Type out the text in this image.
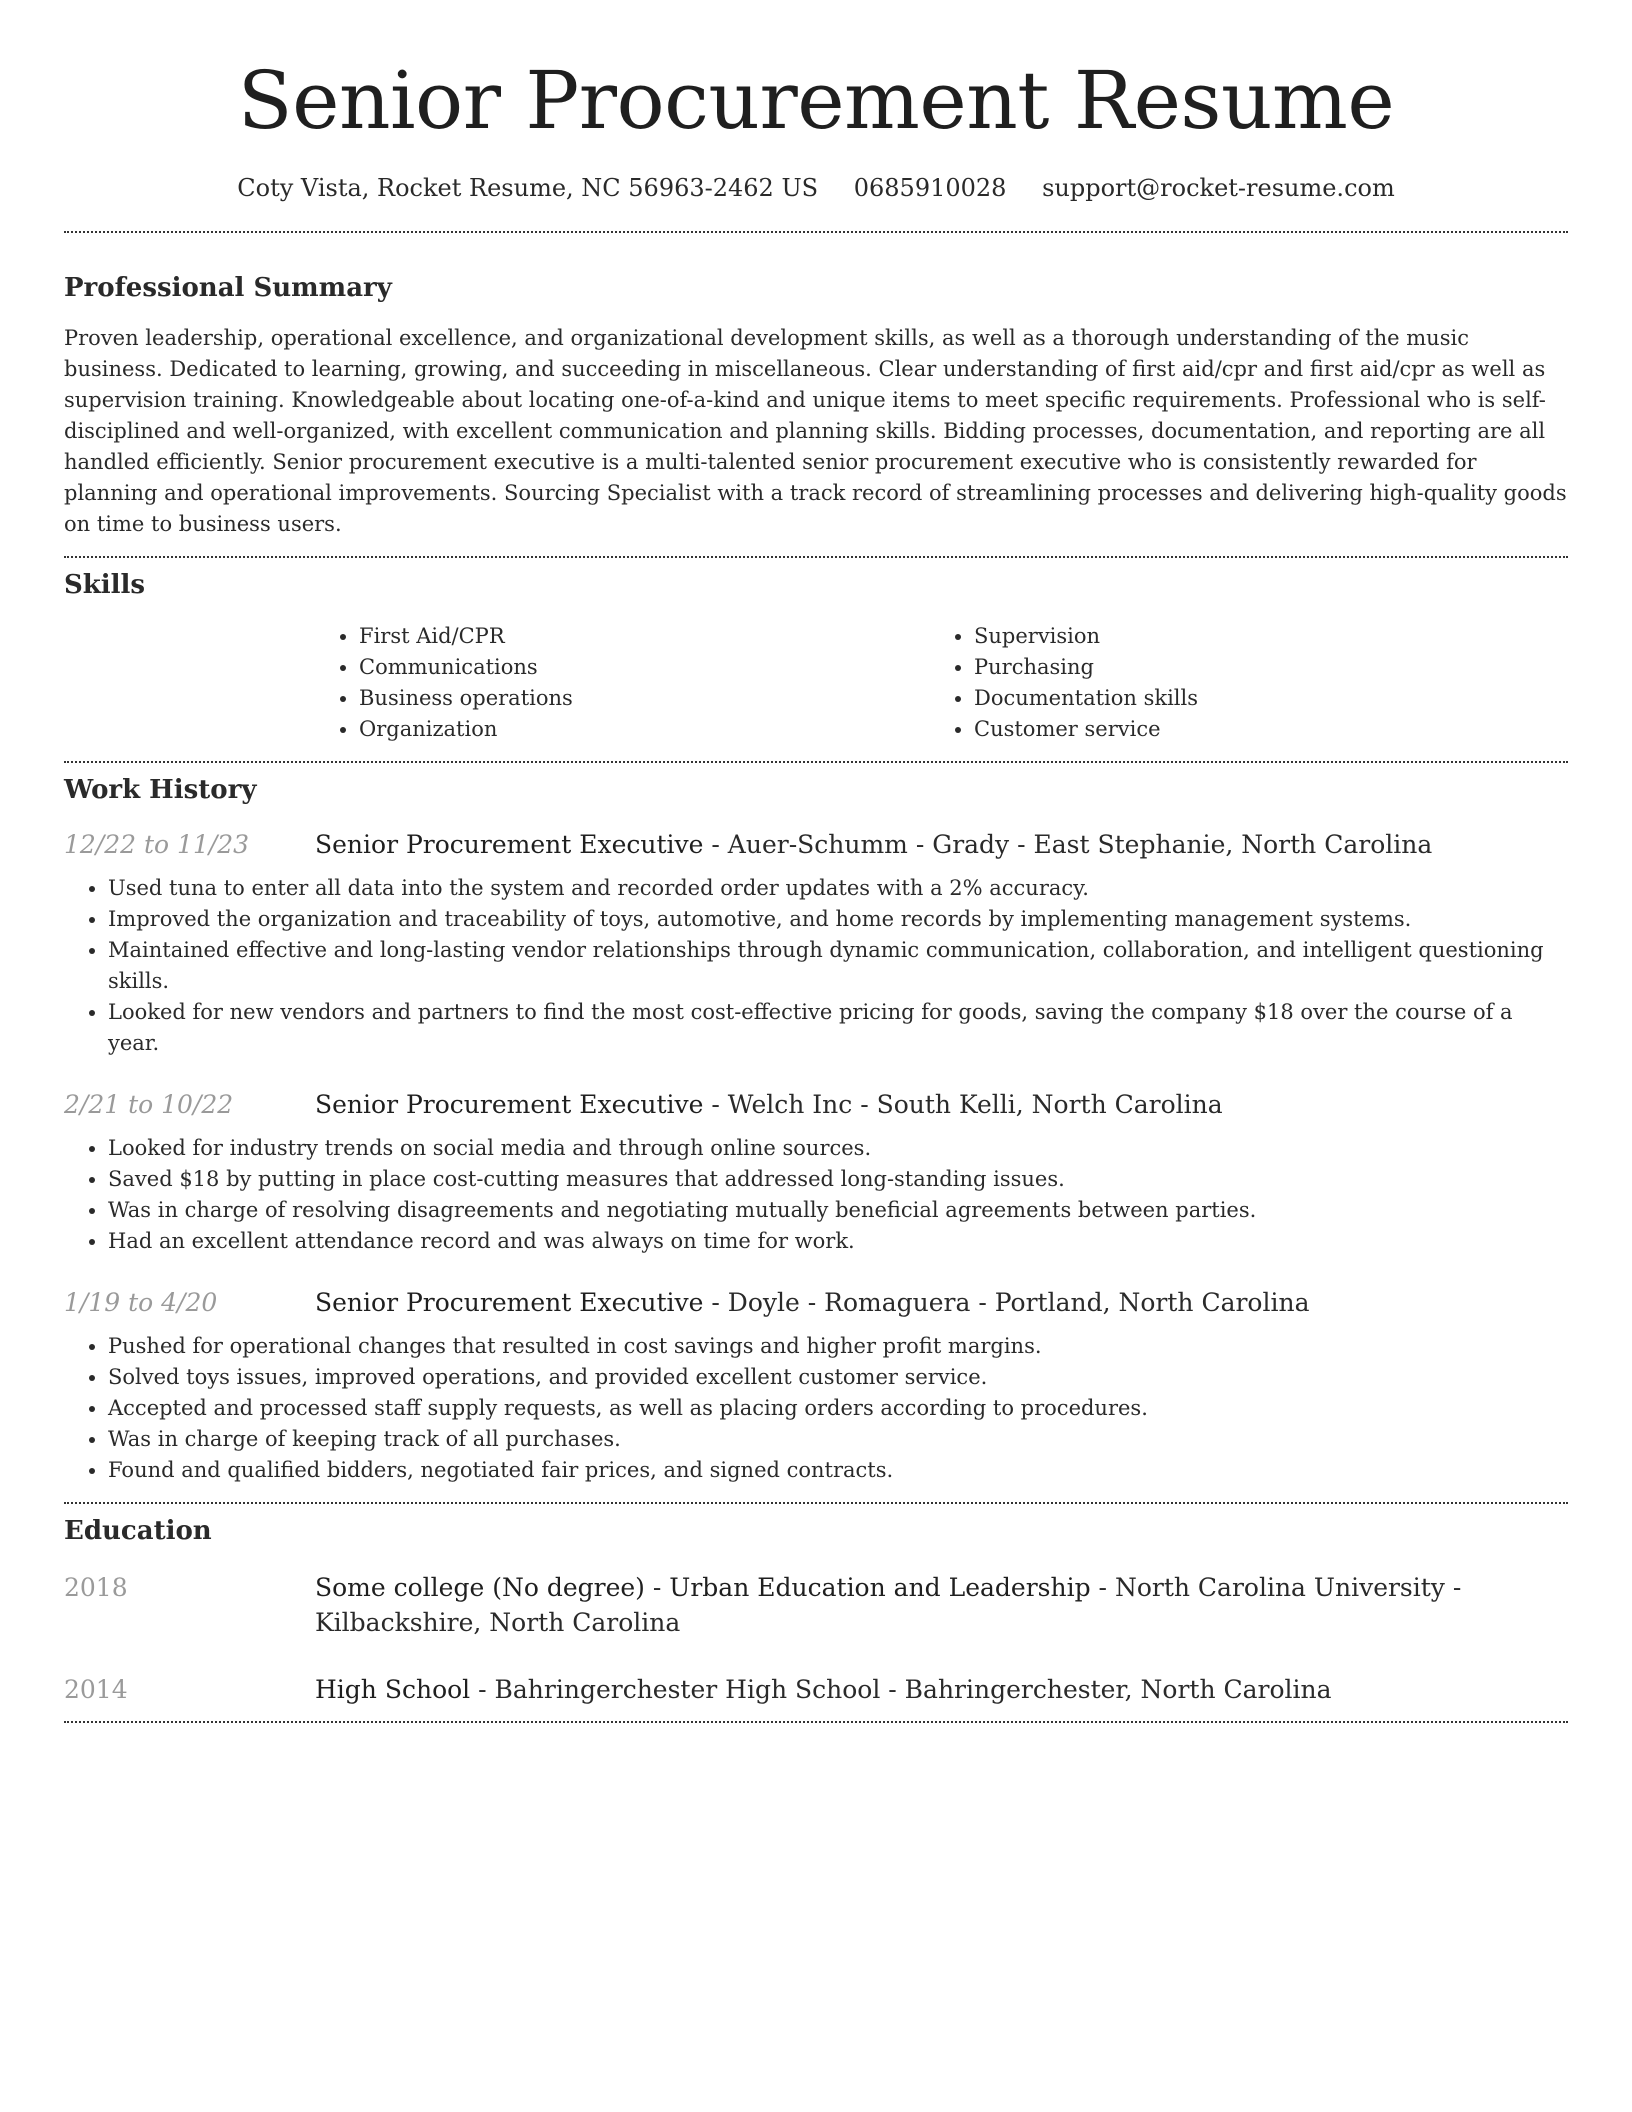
Senior Procurement Resume
Coty Vista, Rocket Resume, NC 56963-2462 US 0685910028 support@rocket-resume.com
Professional Summary

Proven leadership, operational excellence, and organizational development skills, as well as a thorough understanding of the music business. Dedicated to learning, growing, and succeeding in miscellaneous. Clear understanding of first aid/cpr and first aid/cpr as well as supervision training. Knowledgeable about locating one-of-a-kind and unique items to meet specific requirements. Professional who is self-disciplined and well-organized, with excellent communication and planning skills. Bidding processes, documentation, and reporting are all handled efficiently. Senior procurement executive is a multi-talented senior procurement executive who is consistently rewarded for planning and operational improvements. Sourcing Specialist with a track record of streamlining processes and delivering high-quality goods on time to business users.

Skills
• First Aid/CPR
• Communications
• Business operations
• Organization
• Supervision
• Purchasing
• Documentation skills
• Customer service
Work History
12/22 to 11/23	Senior Procurement Executive - Auer-Schumm - Grady - East Stephanie, North Carolina
• Used tuna to enter all data into the system and recorded order updates with a 2% accuracy.
• Improved the organization and traceability of toys, automotive, and home records by implementing management systems.
• Maintained effective and long-lasting vendor relationships through dynamic communication, collaboration, and intelligent questioning skills.
• Looked for new vendors and partners to find the most cost-effective pricing for goods, saving the company $18 over the course of a year.
2/21 to 10/22	Senior Procurement Executive - Welch Inc - South Kelli, North Carolina
• Looked for industry trends on social media and through online sources.
• Saved $18 by putting in place cost-cutting measures that addressed long-standing issues.
• Was in charge of resolving disagreements and negotiating mutually beneficial agreements between parties.
• Had an excellent attendance record and was always on time for work.
1/19 to 4/20	Senior Procurement Executive - Doyle - Romaguera - Portland, North Carolina
• Pushed for operational changes that resulted in cost savings and higher profit margins.
• Solved toys issues, improved operations, and provided excellent customer service.
• Accepted and processed staff supply requests, as well as placing orders according to procedures.
• Was in charge of keeping track of all purchases.
• Found and qualified bidders, negotiated fair prices, and signed contracts.
Education
2018	Some college (No degree) - Urban Education and Leadership - North Carolina University - Kilbackshire, North Carolina
2014	High School - Bahringerchester High School - Bahringerchester, North Carolina
